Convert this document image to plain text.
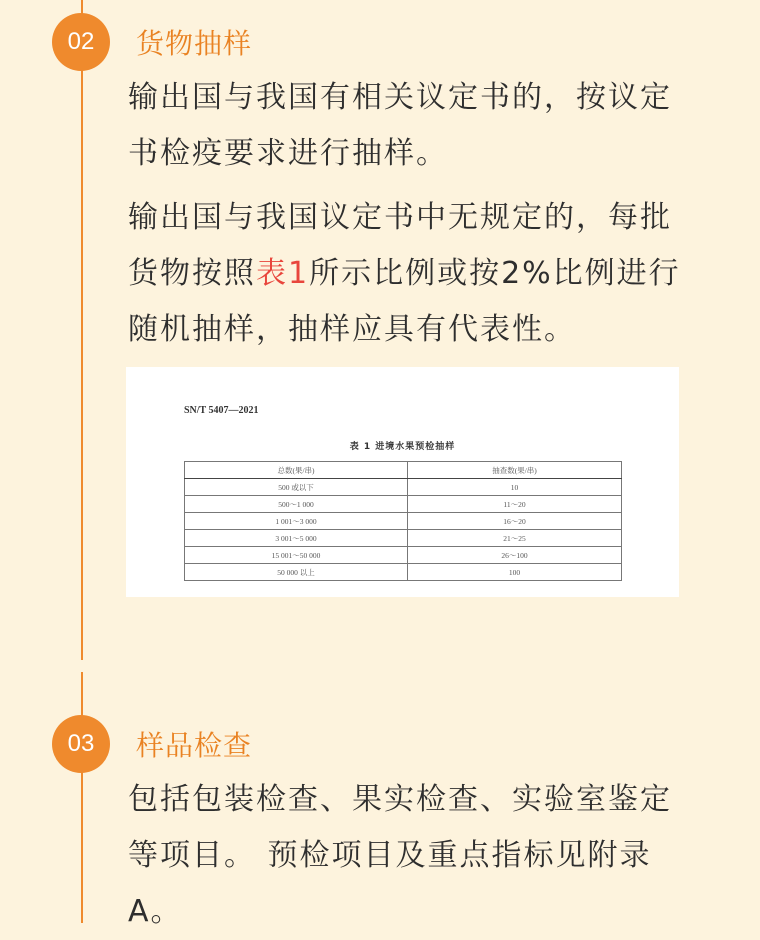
02 货物抽样

输出国与我国有相关议定书的，按议定书检疫要求进行抽样。

输出国与我国议定书中无规定的，每批货物按照表1所示比例或按2%比例进行随机抽样，抽样应具有代表性。

SN/T 5407—2021
表 1 进境水果预检抽样
总数(果/串)	抽查数(果/串)
500 或以下	10
500～1 000	11～20
1 001～3 000	16～20
3 001～5 000	21～25
15 001～50 000	26～100
50 000 以上	100
03 样品检查

包括包装检查、果实检查、实验室鉴定等项目。 预检项目及重点指标见附录A。
